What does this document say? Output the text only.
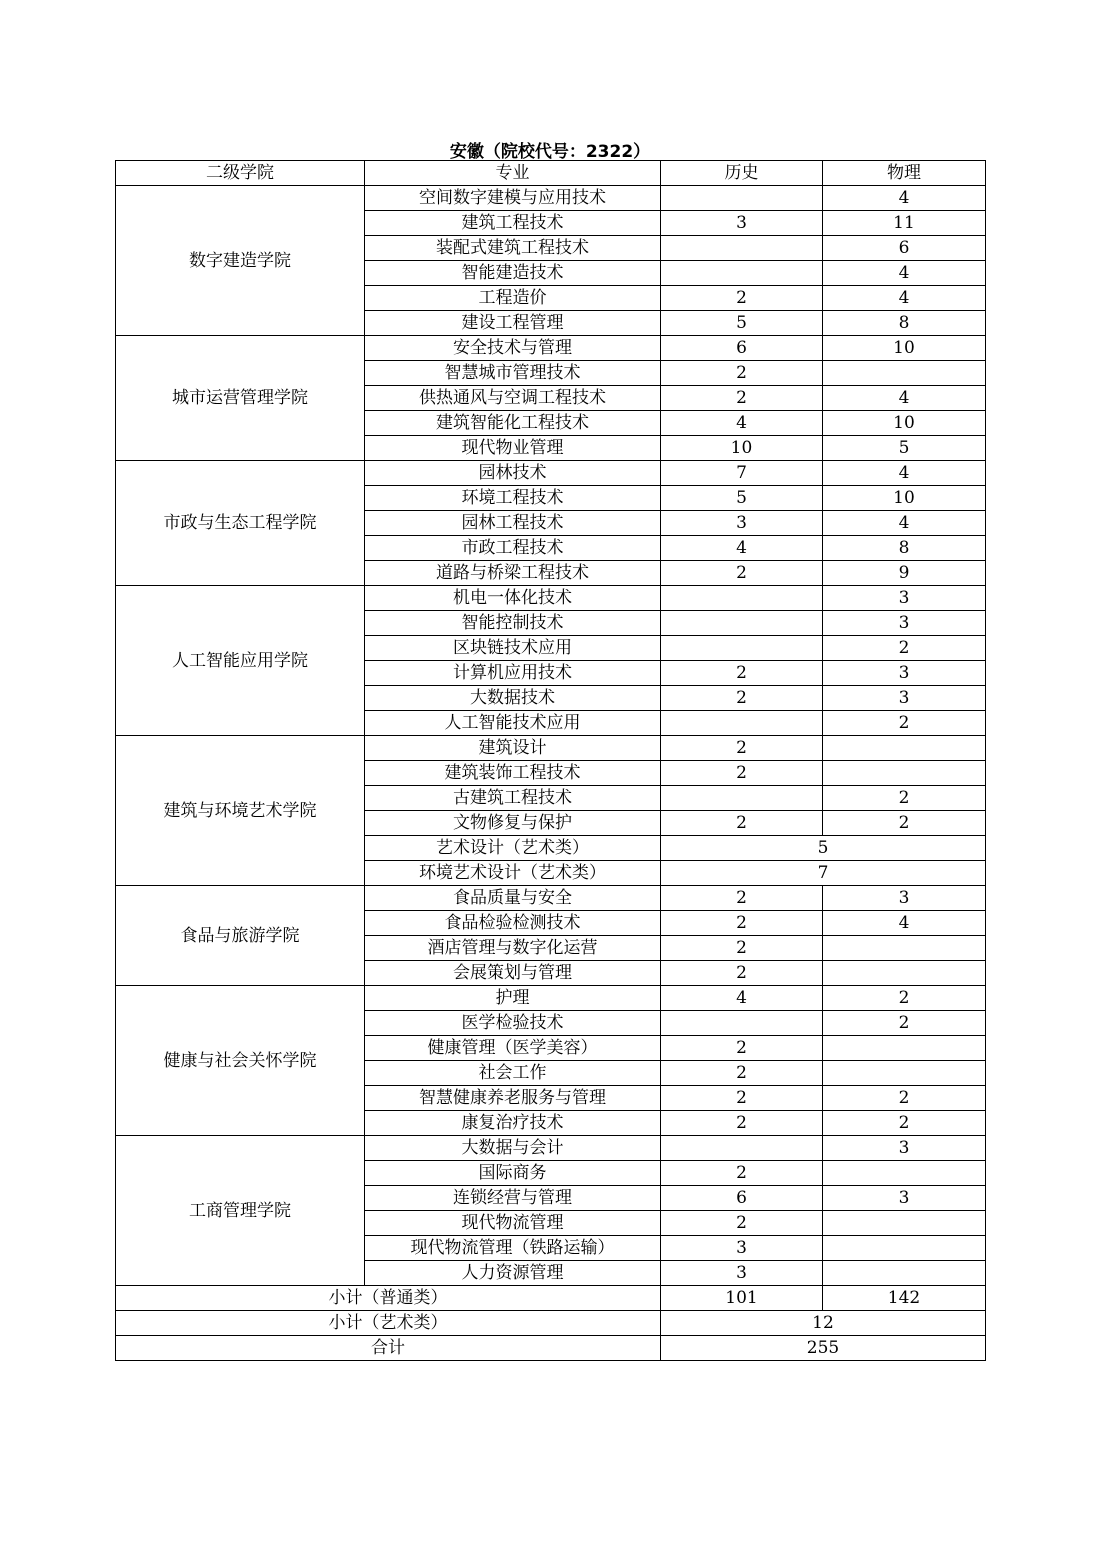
安徽（院校代号：2322）
二级学院	专业	历史	物理
数字建造学院	空间数字建模与应用技术		4
	建筑工程技术	3	11
	装配式建筑工程技术		6
	智能建造技术		4
	工程造价	2	4
	建设工程管理	5	8
城市运营管理学院	安全技术与管理	6	10
	智慧城市管理技术	2	
	供热通风与空调工程技术	2	4
	建筑智能化工程技术	4	10
	现代物业管理	10	5
市政与生态工程学院	园林技术	7	4
	环境工程技术	5	10
	园林工程技术	3	4
	市政工程技术	4	8
	道路与桥梁工程技术	2	9
人工智能应用学院	机电一体化技术		3
	智能控制技术		3
	区块链技术应用		2
	计算机应用技术	2	3
	大数据技术	2	3
	人工智能技术应用		2
建筑与环境艺术学院	建筑设计	2	
	建筑装饰工程技术	2	
	古建筑工程技术		2
	文物修复与保护	2	2
	艺术设计（艺术类）	5	
	环境艺术设计（艺术类）	7	
食品与旅游学院	食品质量与安全	2	3
	食品检验检测技术	2	4
	酒店管理与数字化运营	2	
	会展策划与管理	2	
健康与社会关怀学院	护理	4	2
	医学检验技术		2
	健康管理（医学美容）	2	
	社会工作	2	
	智慧健康养老服务与管理	2	2
	康复治疗技术	2	2
工商管理学院	大数据与会计		3
	国际商务	2	
	连锁经营与管理	6	3
	现代物流管理	2	
	现代物流管理（铁路运输）	3	
	人力资源管理	3	
小计（普通类）		101	142
小计（艺术类）		12	
合计		255	
